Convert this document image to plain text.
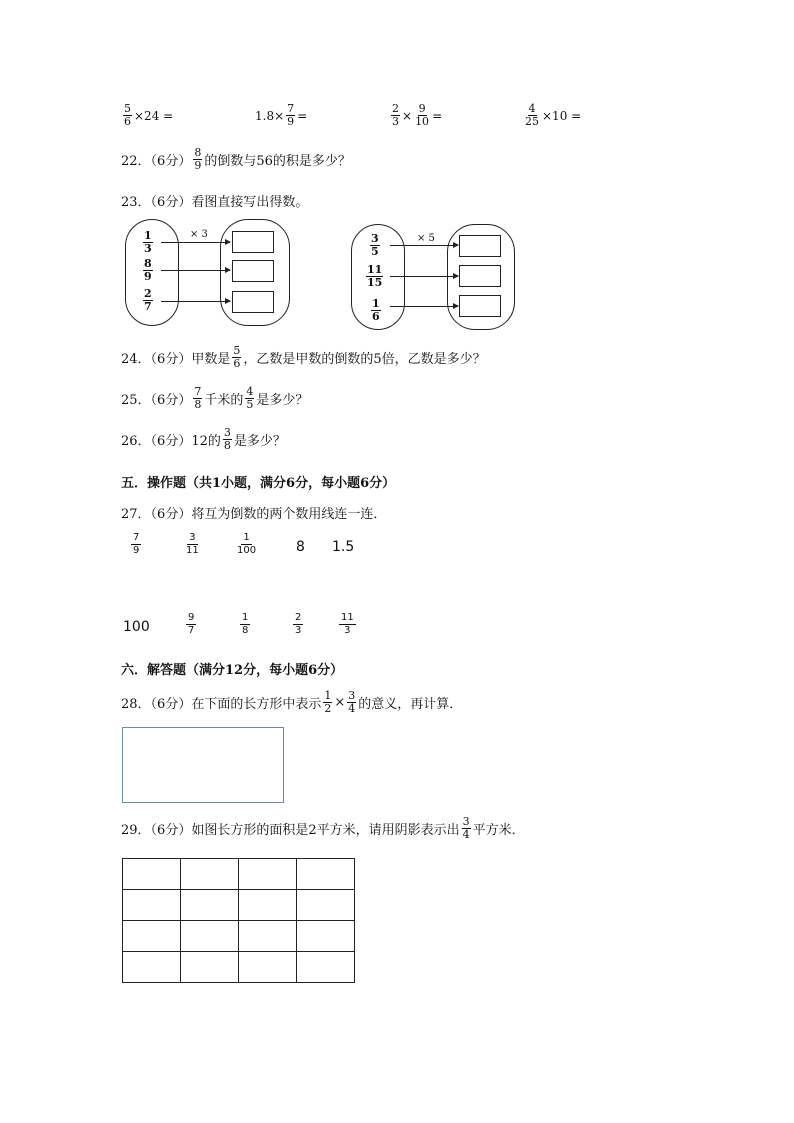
$\frac{5}{6} \times 24$ =	$1.8\times \frac{7}{9}$ =	$\frac{2}{3} \times \frac{9}{10}$ =	$\frac{4}{25} \times 10$ =
22．（6分） $\frac{8}{9}$ 的倒数与56的积是多少？
23．（6分）看图直接写出得数。
1
3
8
9
2
7
× 3	3
5
11
15
1
6
× 5
24．（6分）甲数是 $\frac{5}{6}$ ，乙数是甲数的倒数的5倍，乙数是多少？
25．（6分） $\frac{7}{8}$ 千米的 $\frac{4}{5}$ 是多少？
26．（6分）12的 $\frac{3}{8}$ 是多少？
五．操作题（共1小题，满分6分，每小题6分）
27．（6分）将互为倒数的两个数用线连一连．
7
9
3
11
1
100	8 1.5
100
9
7
1
8
2
3
11
3
六．解答题（满分12分，每小题6分）
28．（6分）在下面的长方形中表示 $\frac{1}{2} \times \frac{3}{4}$ 的意义，再计算．
29．（6分）如图长方形的面积是2平方米，请用阴影表示出 $\frac{3}{4}$ 平方米．
